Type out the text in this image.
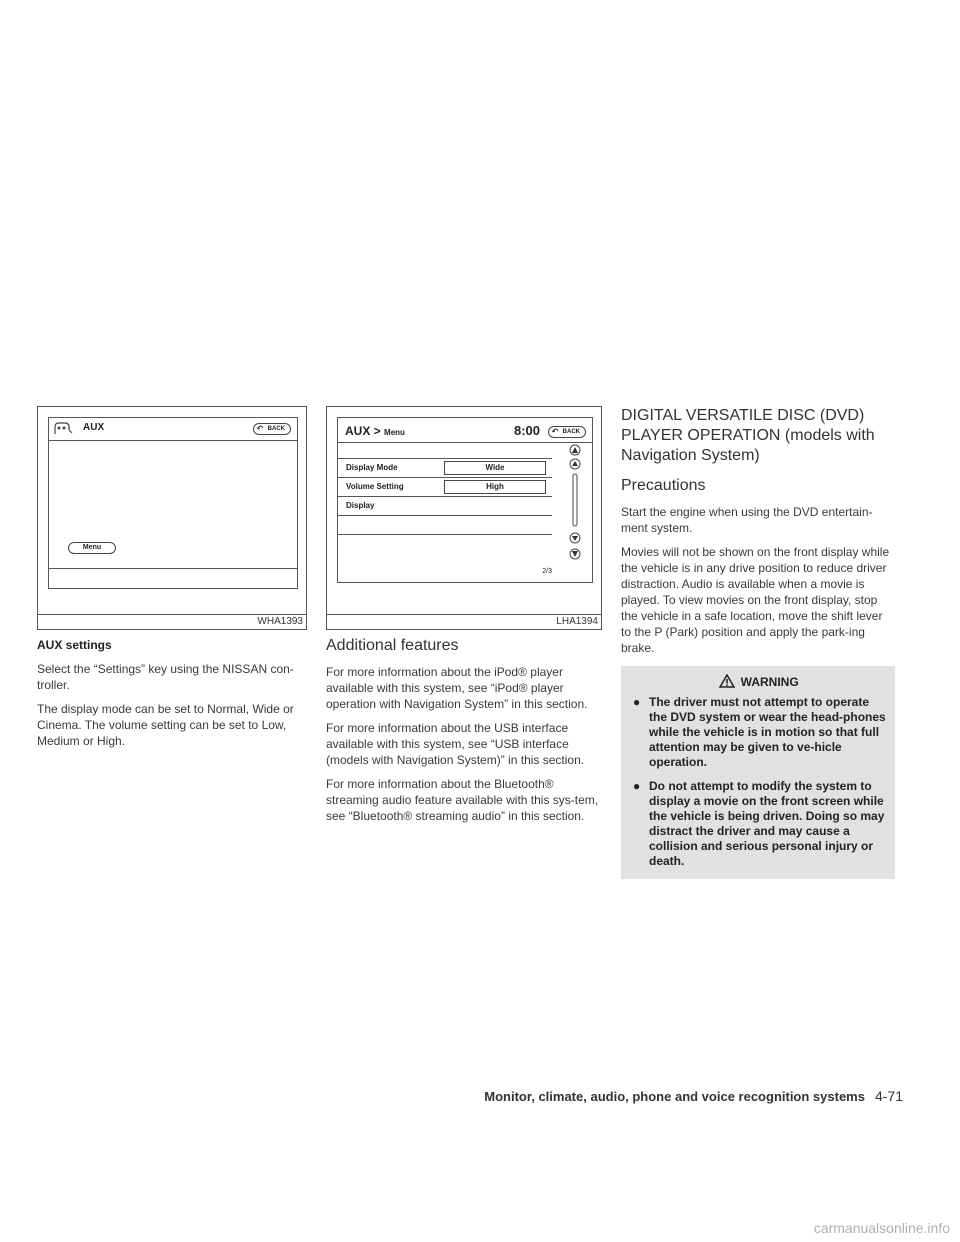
AUX	↶ BACK
Menu
WHA1393
AUX settings

Select the “Settings” key using the NISSAN con-troller.

The display mode can be set to Normal, Wide or Cinema. The volume setting can be set to Low, Medium or High.

AUX > Menu	8:00 ↶ BACK
Display Mode	Wide
Volume Setting	High
Display
2/3
LHA1394
Additional features

For more information about the iPod® player available with this system, see “iPod® player operation with Navigation System” in this section.

For more information about the USB interface available with this system, see “USB interface (models with Navigation System)” in this section.

For more information about the Bluetooth® streaming audio feature available with this sys-tem, see “Bluetooth® streaming audio” in this section.

DIGITAL VERSATILE DISC (DVD) PLAYER OPERATION (models with Navigation System)
Precautions

Start the engine when using the DVD entertain-ment system.

Movies will not be shown on the front display while the vehicle is in any drive position to reduce driver distraction. Audio is available when a movie is played. To view movies on the front display, stop the vehicle in a safe location, move the shift lever to the P (Park) position and apply the park-ing brake.

WARNING
● The driver must not attempt to operate the DVD system or wear the head-phones while the vehicle is in motion so that full attention may be given to ve-hicle operation.
● Do not attempt to modify the system to display a movie on the front screen while the vehicle is being driven. Doing so may distract the driver and may cause a collision and serious personal injury or death.
Monitor, climate, audio, phone and voice recognition systems 4-71
carmanualsonline.info
